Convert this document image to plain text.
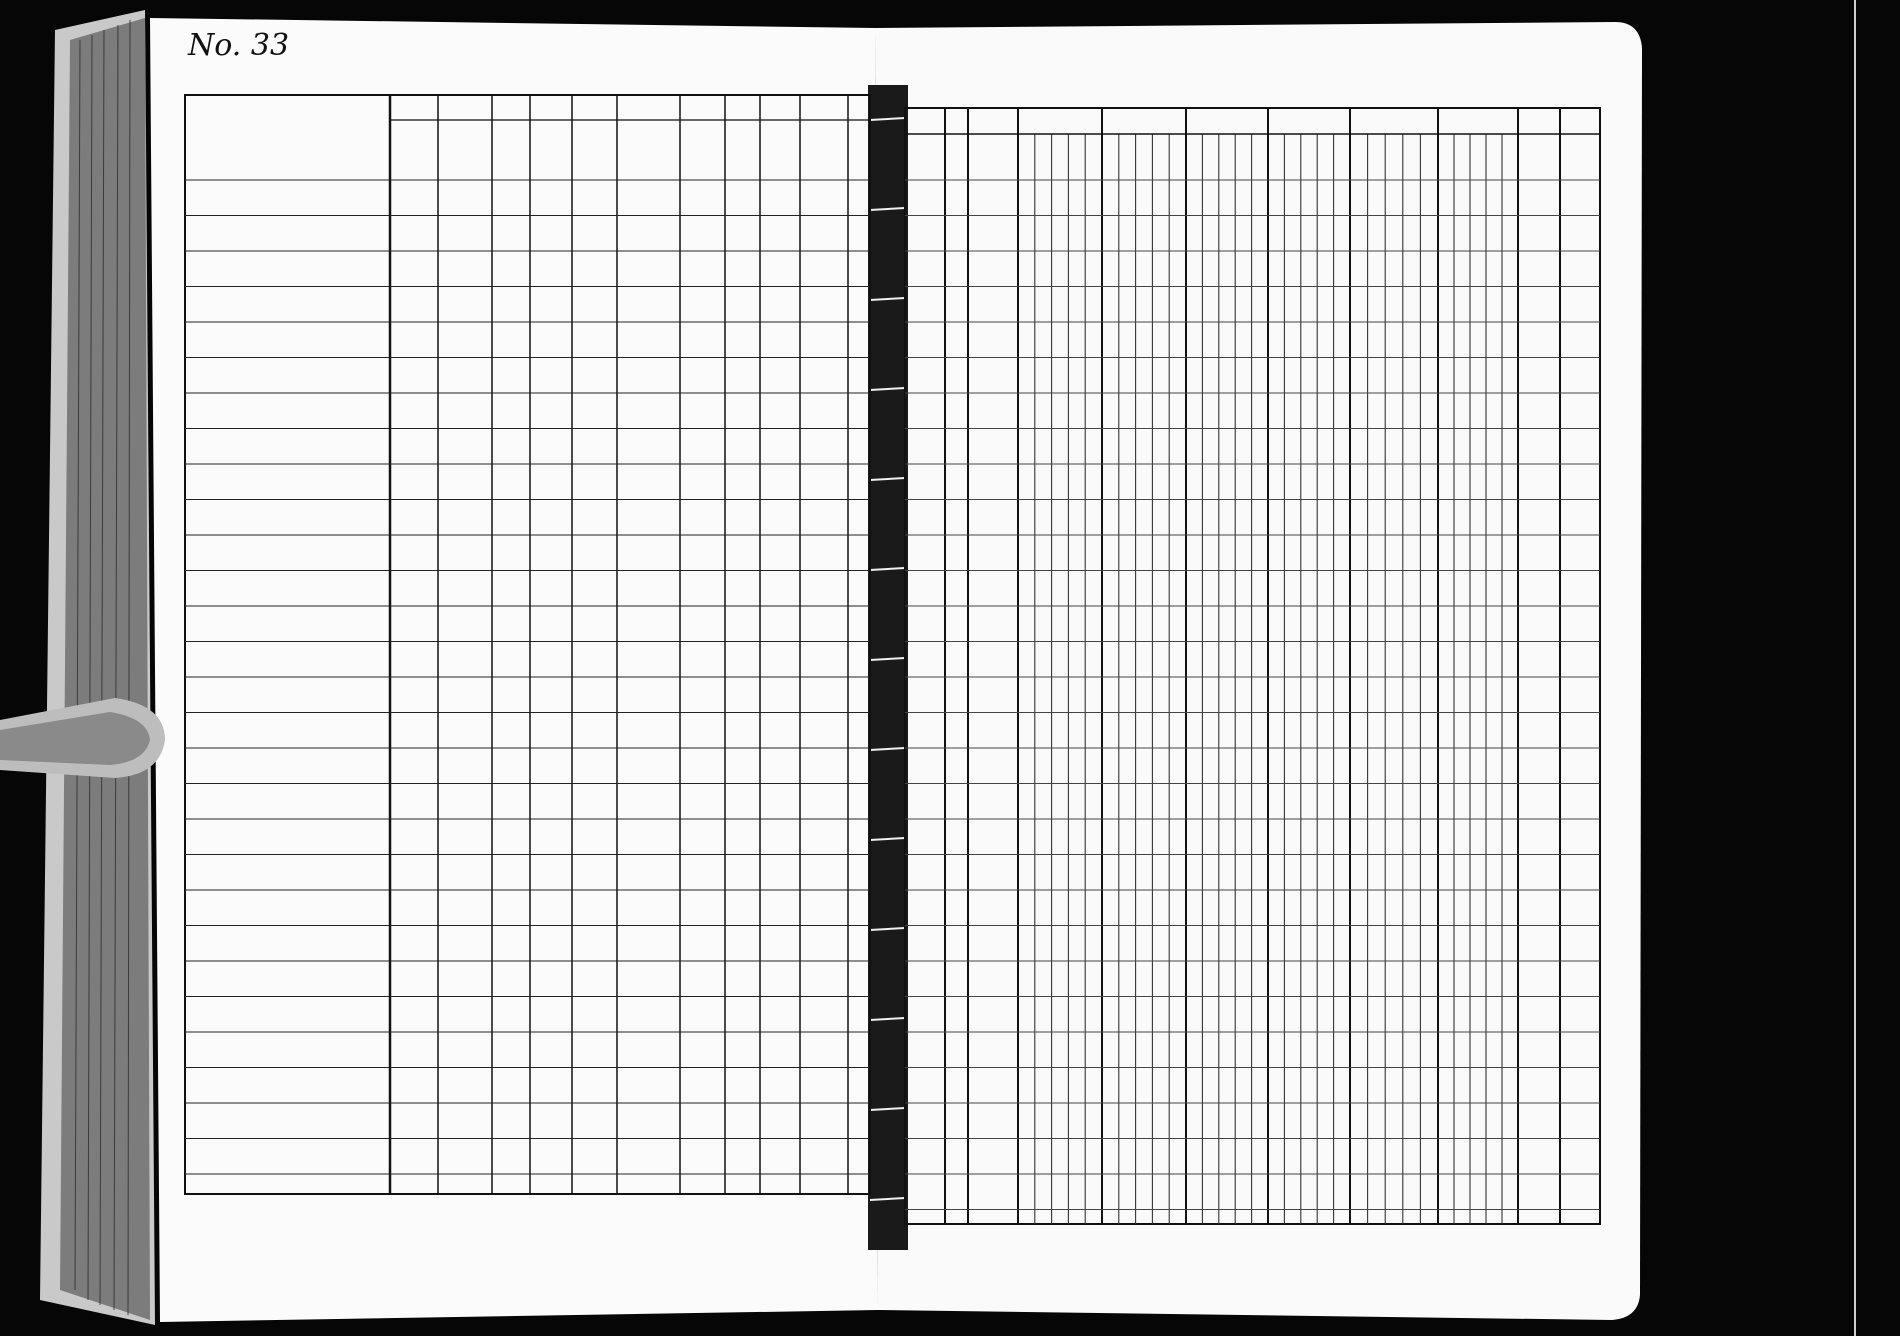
No. 33
